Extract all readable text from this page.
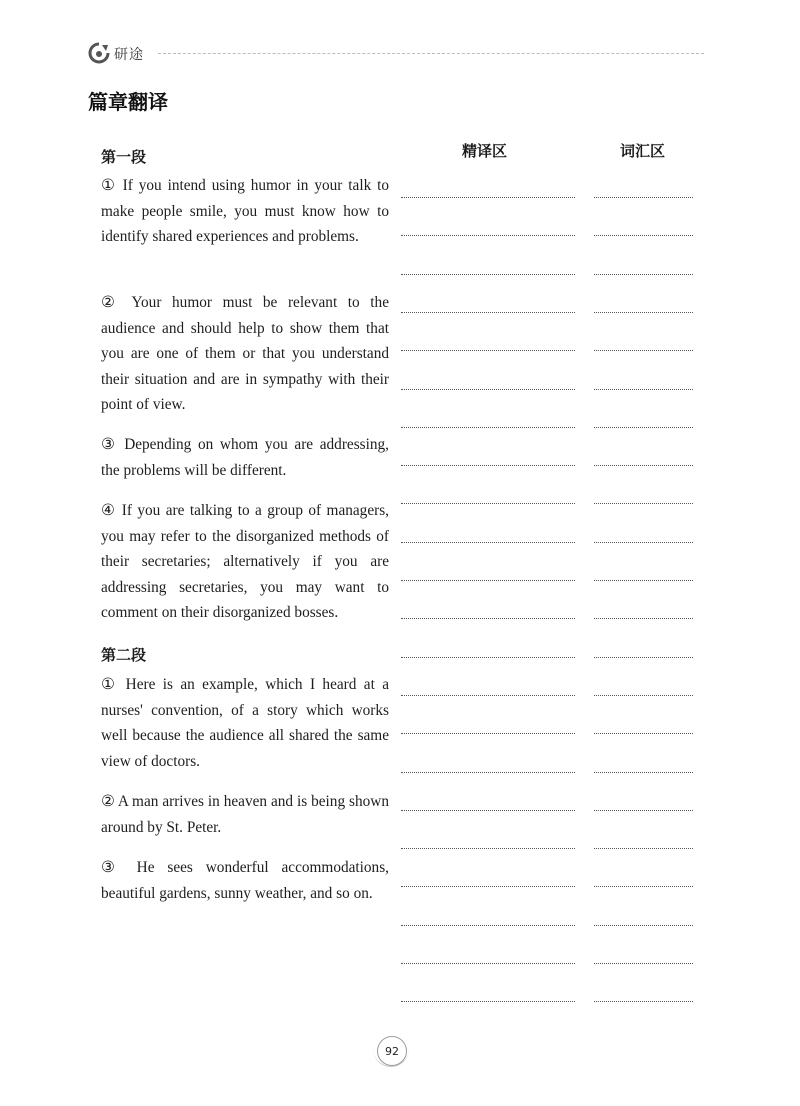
研途
篇章翻译
精译区	词汇区
第一段

① If you intend using humor in your talk to make people smile, you must know how to identify shared experiences and problems.

② Your humor must be relevant to the audience and should help to show them that you are one of them or that you understand their situation and are in sympathy with their point of view.

③ Depending on whom you are addressing, the problems will be different.

④ If you are talking to a group of managers, you may refer to the disorganized methods of their secretaries; alternatively if you are addressing secretaries, you may want to comment on their disorganized bosses.

第二段

① Here is an example, which I heard at a nurses' convention, of a story which works well because the audience all shared the same view of doctors.

② A man arrives in heaven and is being shown around by St. Peter.

③ He sees wonderful accommodations, beautiful gardens, sunny weather, and so on.

92
